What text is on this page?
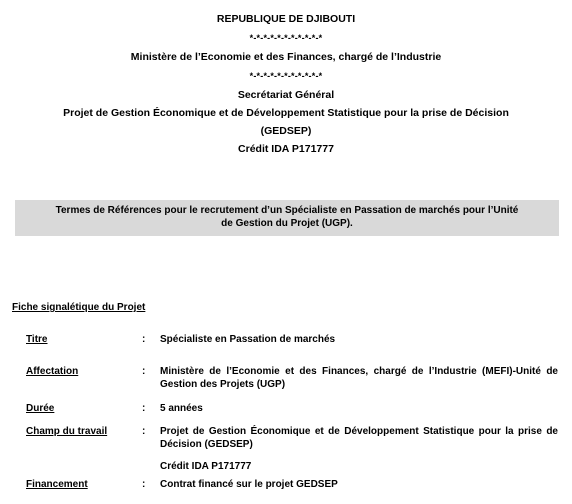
REPUBLIQUE DE DJIBOUTI
*-*-*-*-*-*-*-*-*-*-*
Ministère de l’Economie et des Finances, chargé de l’Industrie
*-*-*-*-*-*-*-*-*-*-*
Secrétariat Général
Projet de Gestion Économique et de Développement Statistique pour la prise de Décision
(GEDSEP)
Crédit IDA P171777
Termes de Références pour le recrutement d’un Spécialiste en Passation de marchés pour l’Unité
de Gestion du Projet (UGP).
Fiche signalétique du Projet
Titre	: Spécialiste en Passation de marchés
Affectation	: Ministère de l’Economie et des Finances, chargé de l’Industrie (MEFI)-Unité de Gestion des Projets (UGP)
Durée	: 5 années
Champ du travail	: Projet de Gestion Économique et de Développement Statistique pour la prise de Décision (GEDSEP)
Crédit IDA P171777
Financement	: Contrat financé sur le projet GEDSEP
